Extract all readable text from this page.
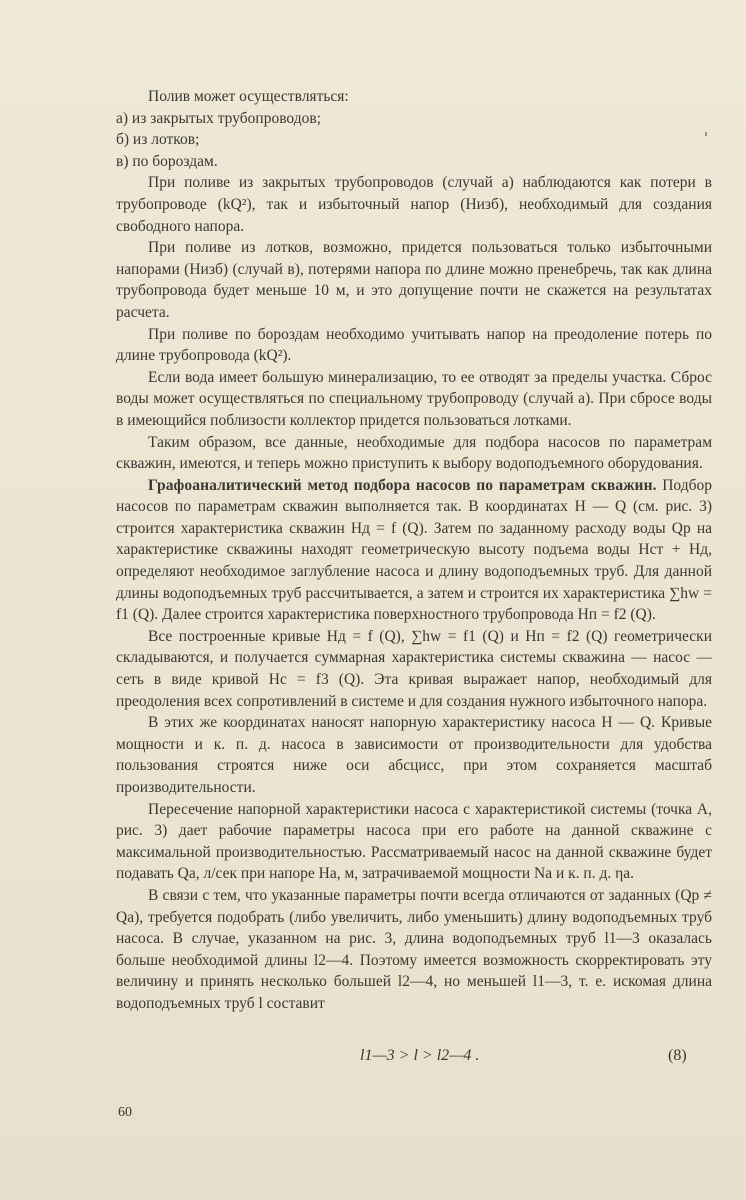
Полив может осуществляться:
а) из закрытых трубопроводов;
б) из лотков;
в) по бороздам.
При поливе из закрытых трубопроводов (случай а) наблюдаются как потери в трубопроводе (kQ²), так и избыточный напор (Hизб), необходимый для создания свободного напора.
При поливе из лотков, возможно, придется пользоваться только избыточными напорами (Hизб) (случай в), потерями напора по длине можно пренебречь, так как длина трубопровода будет меньше 10 м, и это допущение почти не скажется на результатах расчета.
При поливе по бороздам необходимо учитывать напор на преодоление потерь по длине трубопровода (kQ²).
Если вода имеет большую минерализацию, то ее отводят за пределы участка. Сброс воды может осуществляться по специальному трубопроводу (случай а). При сбросе воды в имеющийся поблизости коллектор придется пользоваться лотками.
Таким образом, все данные, необходимые для подбора насосов по параметрам скважин, имеются, и теперь можно приступить к выбору водоподъемного оборудования.
Графоаналитический метод подбора насосов по параметрам скважин. Подбор насосов по параметрам скважин выполняется так. В координатах H — Q (см. рис. 3) строится характеристика скважин Hд = f (Q). Затем по заданному расходу воды Qр на характеристике скважины находят геометрическую высоту подъема воды Hст + Hд, определяют необходимое заглубление насоса и длину водоподъемных труб. Для данной длины водоподъемных труб рассчитывается, а затем и строится их характеристика ∑hw = f1 (Q). Далее строится характеристика поверхностного трубопровода Hп = f2 (Q).
Все построенные кривые Hд = f (Q), ∑hw = f1 (Q) и Hп = f2 (Q) геометрически складываются, и получается суммарная характеристика системы скважина — насос — сеть в виде кривой Hс = f3 (Q). Эта кривая выражает напор, необходимый для преодоления всех сопротивлений в системе и для создания нужного избыточного напора.
В этих же координатах наносят напорную характеристику насоса H — Q. Кривые мощности и к. п. д. насоса в зависимости от производительности для удобства пользования строятся ниже оси абсцисс, при этом сохраняется масштаб производительности.
Пересечение напорной характеристики насоса с характеристикой системы (точка A, рис. 3) дает рабочие параметры насоса при его работе на данной скважине с максимальной производительностью. Рассматриваемый насос на данной скважине будет подавать Qa, л/сек при напоре Ha, м, затрачиваемой мощности Na и к. п. д. ηa.
В связи с тем, что указанные параметры почти всегда отличаются от заданных (Qр ≠ Qa), требуется подобрать (либо увеличить, либо уменьшить) длину водоподъемных труб насоса. В случае, указанном на рис. 3, длина водоподъемных труб l1—3 оказалась больше необходимой длины l2—4. Поэтому имеется возможность скорректировать эту величину и принять несколько большей l2—4, но меньшей l1—3, т. е. искомая длина водоподъемных труб l составит
l1—3 > l > l2—4 .	(8)
60
